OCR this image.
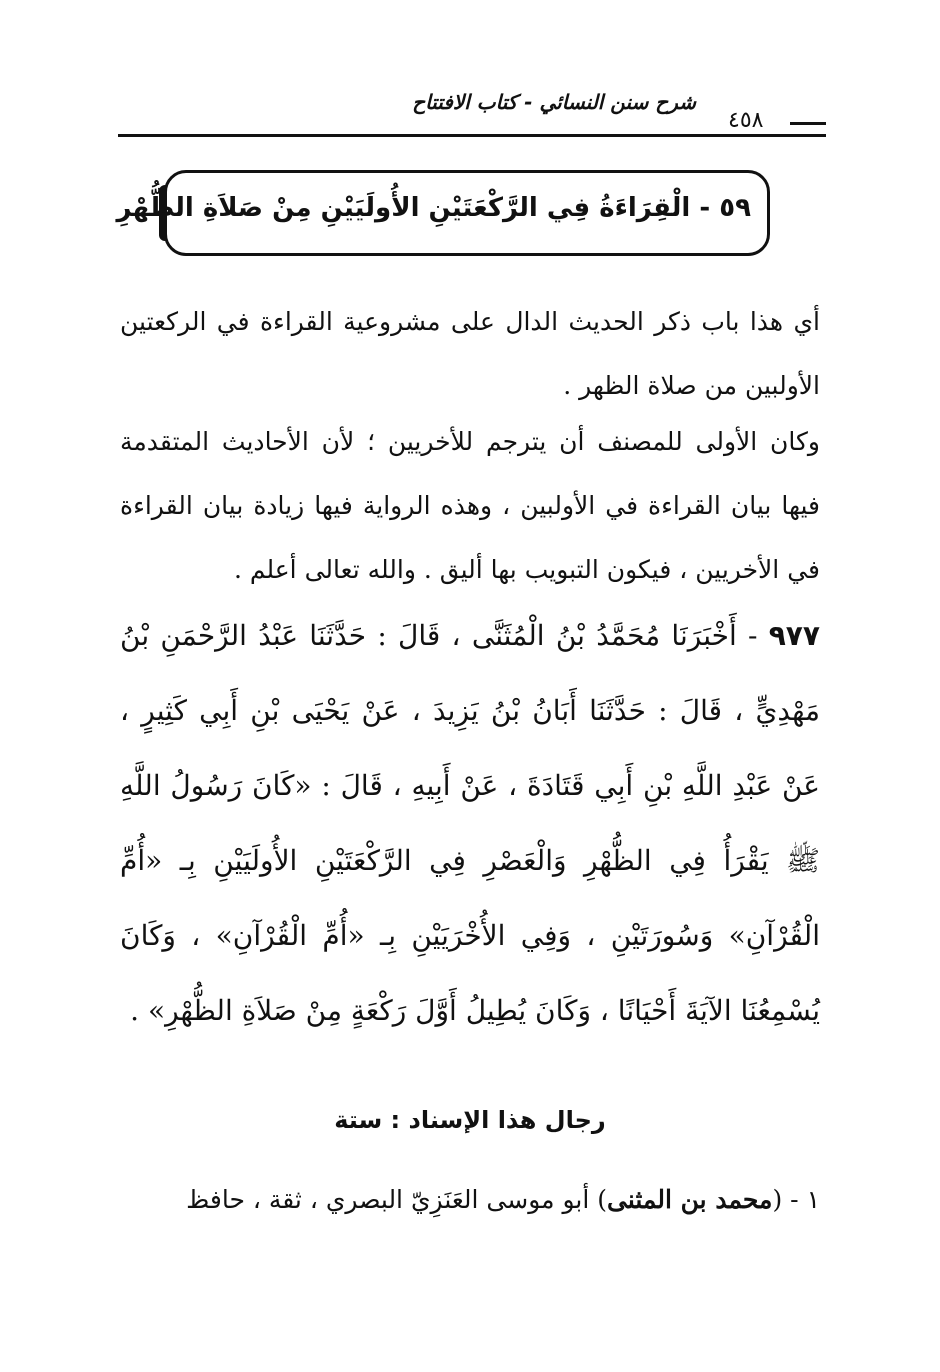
شرح سنن النسائي - كتاب الافتتاح
٤٥٨
٥٩ - الْقِرَاءَةُ فِي الرَّكْعَتَيْنِ الأُولَيَيْنِ مِنْ صَلاَةِ الظُّهْرِ
أي هذا باب ذكر الحديث الدال على مشروعية القراءة في الركعتين الأولبين من صلاة الظهر .
وكان الأولى للمصنف أن يترجم للأخريين ؛ لأن الأحاديث المتقدمة فيها بيان القراءة في الأولبين ، وهذه الرواية فيها زيادة بيان القراءة في الأخريين ، فيكون التبويب بها أليق . والله تعالى أعلم .
٩٧٧ - أَخْبَرَنَا مُحَمَّدُ بْنُ الْمُثَنَّى ، قَالَ : حَدَّثَنَا عَبْدُ الرَّحْمَنِ بْنُ مَهْدِيٍّ ، قَالَ : حَدَّثَنَا أَبَانُ بْنُ يَزِيدَ ، عَنْ يَحْيَى بْنِ أَبِي كَثِيرٍ ، عَنْ عَبْدِ اللَّهِ بْنِ أَبِي قَتَادَةَ ، عَنْ أَبِيهِ ، قَالَ : «كَانَ رَسُولُ اللَّهِ ﷺ يَقْرَأُ فِي الظُّهْرِ وَالْعَصْرِ فِي الرَّكْعَتَيْنِ الأُولَيَيْنِ بِـ «أُمِّ الْقُرْآنِ» وَسُورَتَيْنِ ، وَفِي الأُخْرَيَيْنِ بِـ «أُمِّ الْقُرْآنِ» ، وَكَانَ يُسْمِعُنَا الآيَةَ أَحْيَانًا ، وَكَانَ يُطِيلُ أَوَّلَ رَكْعَةٍ مِنْ صَلاَةِ الظُّهْرِ» .
رجال هذا الإسناد : ستة
١ - (محمد بن المثنى) أبو موسى العَنَزِيّ البصري ، ثقة ، حافظ
